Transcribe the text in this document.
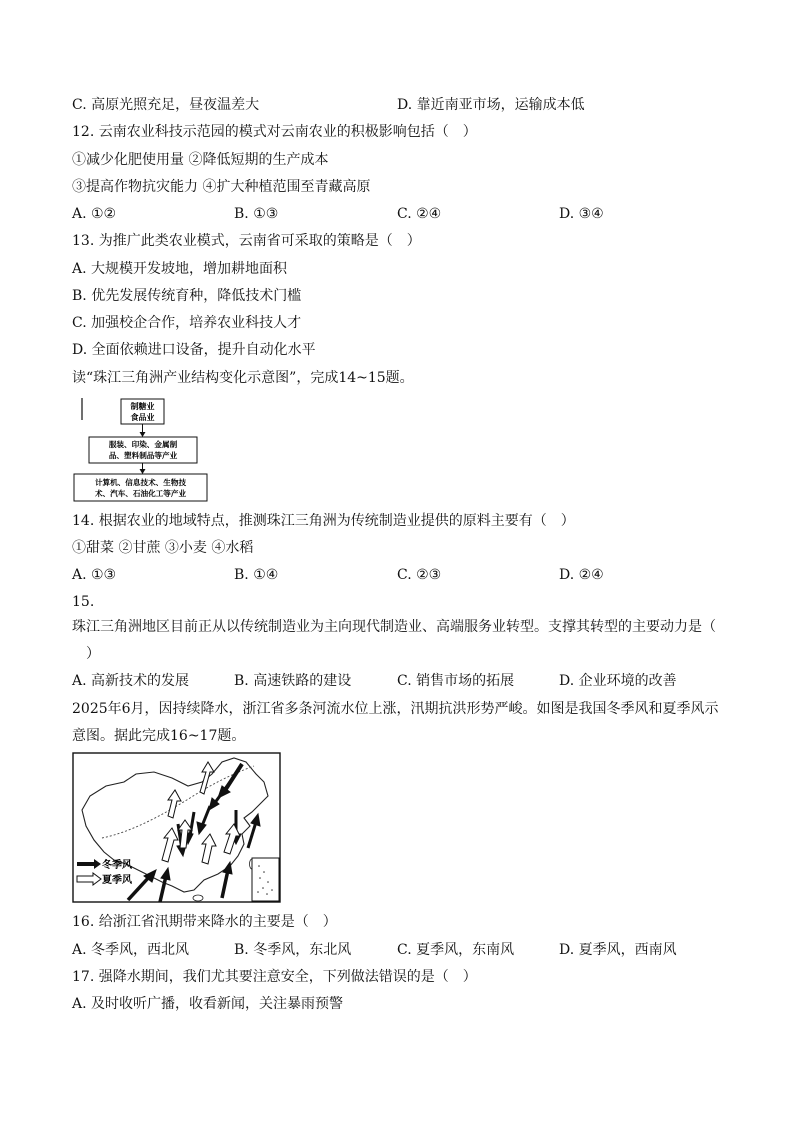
C. 高原光照充足，昼夜温差大	D. 靠近南亚市场，运输成本低
12. 云南农业科技示范园的模式对云南农业的积极影响包括（　）
①减少化肥使用量 ②降低短期的生产成本
③提高作物抗灾能力 ④扩大种植范围至青藏高原
A. ①②	B. ①③	C. ②④	D. ③④
13. 为推广此类农业模式，云南省可采取的策略是（　）
A. 大规模开发坡地，增加耕地面积
B. 优先发展传统育种，降低技术门槛
C. 加强校企合作，培养农业科技人才
D. 全面依赖进口设备，提升自动化水平
读“珠江三角洲产业结构变化示意图”，完成14~15题。
制糖业
食品业
服装、印染、金属制
品、塑料制品等产业
计算机、信息技术、生物技
术、汽车、石油化工等产业
14. 根据农业的地域特点，推测珠江三角洲为传统制造业提供的原料主要有（　）
①甜菜 ②甘蔗 ③小麦 ④水稻
A. ①③	B. ①④	C. ②③	D. ②④
15.
珠江三角洲地区目前正从以传统制造业为主向现代制造业、高端服务业转型。支撑其转型的主要动力是（
）
A. 高新技术的发展	B. 高速铁路的建设	C. 销售市场的拓展	D. 企业环境的改善
2025年6月，因持续降水，浙江省多条河流水位上涨，汛期抗洪形势严峻。如图是我国冬季风和夏季风示
意图。据此完成16~17题。
冬季风
夏季风
16. 给浙江省汛期带来降水的主要是（　）
A. 冬季风，西北风	B. 冬季风，东北风	C. 夏季风，东南风	D. 夏季风，西南风
17. 强降水期间，我们尤其要注意安全，下列做法错误的是（　）
A. 及时收听广播，收看新闻，关注暴雨预警
